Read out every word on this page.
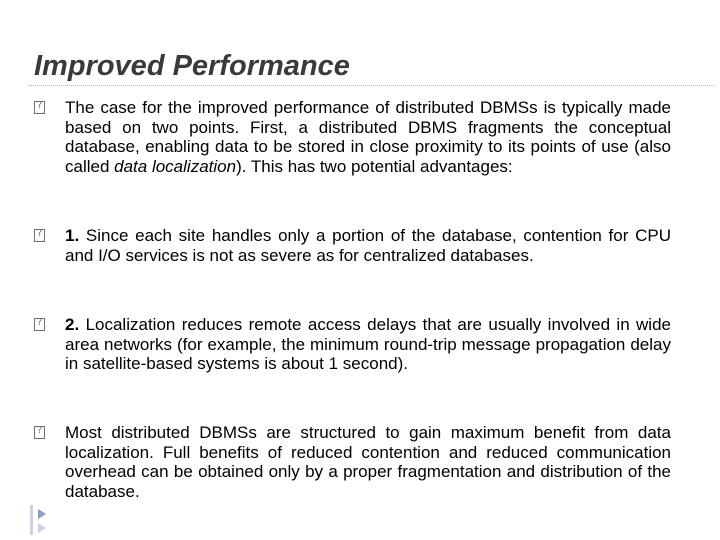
Improved Performance
?

The case for the improved performance of distributed DBMSs is typically made based on two points. First, a distributed DBMS fragments the conceptual database, enabling data to be stored in close proximity to its points of use (also called data localization). This has two potential advantages:

?

1. Since each site handles only a portion of the database, contention for CPU and I/O services is not as severe as for centralized databases.

?

2. Localization reduces remote access delays that are usually involved in wide area networks (for example, the minimum round-trip message propagation delay in satellite-based systems is about 1 second).

?

Most distributed DBMSs are structured to gain maximum benefit from data localization. Full benefits of reduced contention and reduced communication overhead can be obtained only by a proper fragmentation and distribution of the database.
